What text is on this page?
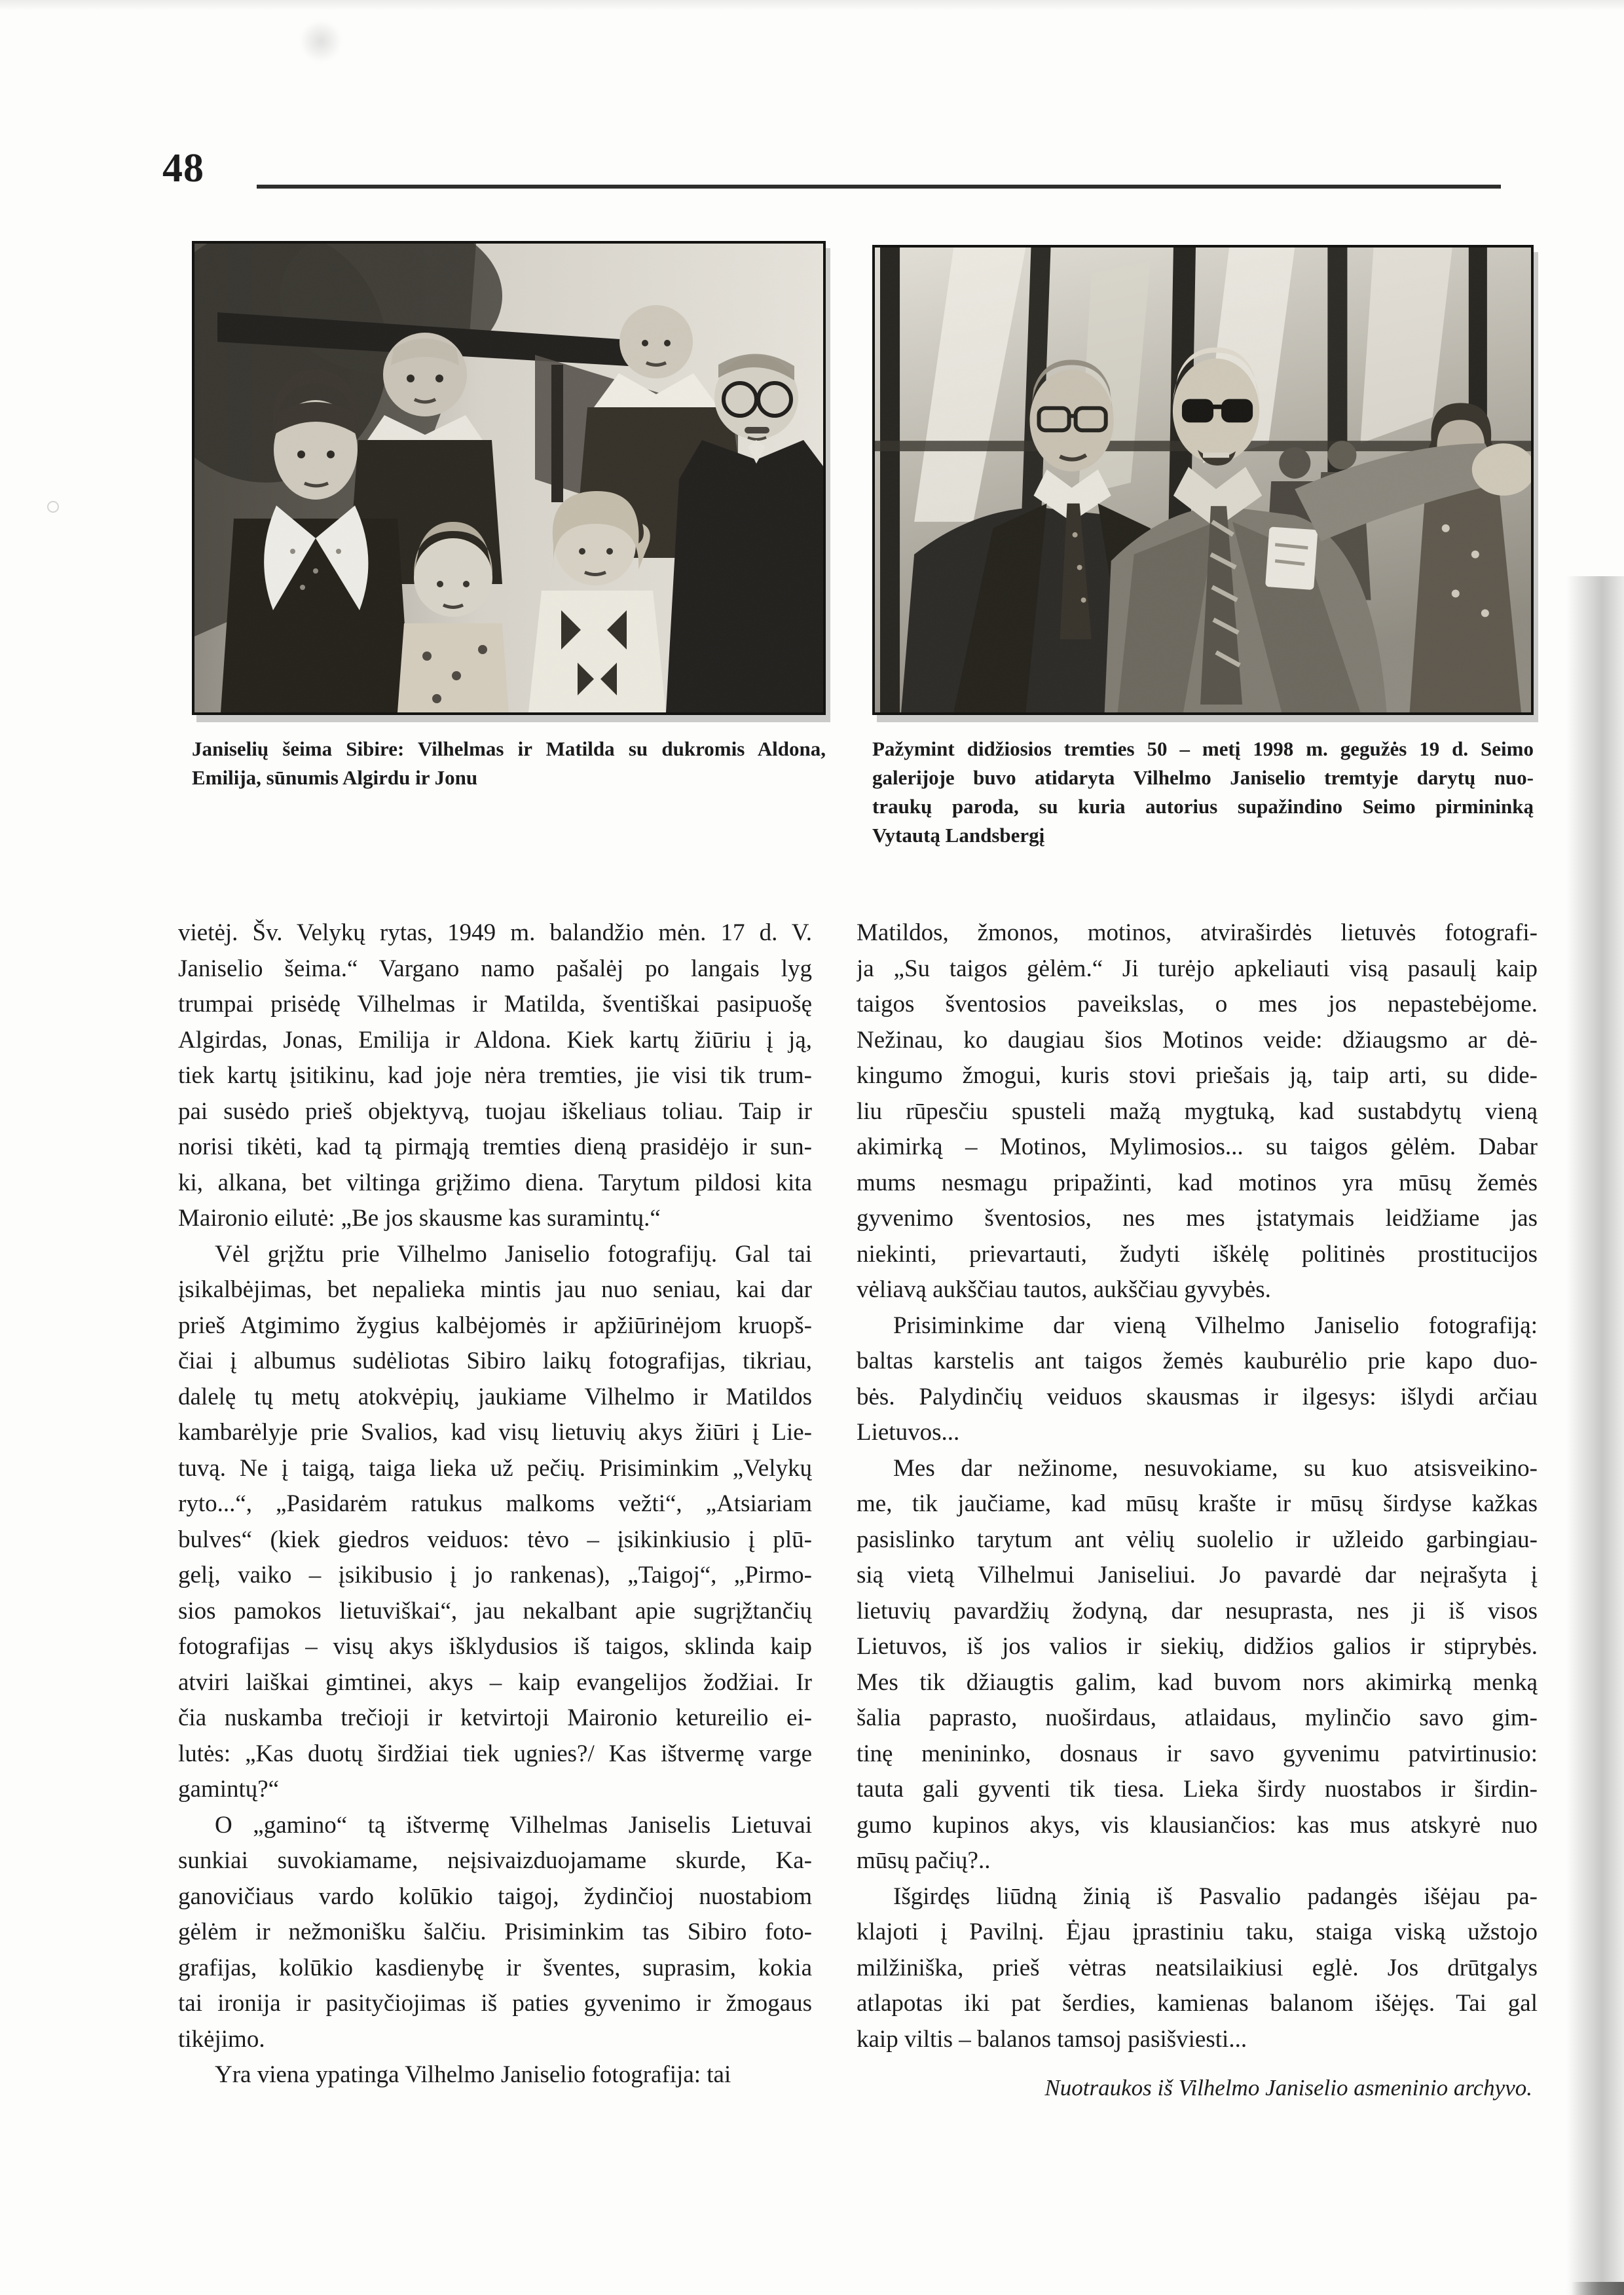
48
Janiselių šeima Sibire: Vilhelmas ir Matilda su dukromis Aldona,
Emilija, sūnumis Algirdu ir Jonu
Pažymint didžiosios tremties 50 – metį 1998 m. gegužės 19 d. Seimo
galerijoje buvo atidaryta Vilhelmo Janiselio tremtyje darytų nuo-
traukų paroda, su kuria autorius supažindino Seimo pirmininką
Vytautą Landsbergį
vietėj. Šv. Velykų rytas, 1949 m. balandžio mėn. 17 d. V.
Janiselio šeima.“ Vargano namo pašalėj po langais lyg
trumpai prisėdę Vilhelmas ir Matilda, šventiškai pasipuošę
Algirdas, Jonas, Emilija ir Aldona. Kiek kartų žiūriu į ją,
tiek kartų įsitikinu, kad joje nėra tremties, jie visi tik trum-
pai susėdo prieš objektyvą, tuojau iškeliaus toliau. Taip ir
norisi tikėti, kad tą pirmąją tremties dieną prasidėjo ir sun-
ki, alkana, bet viltinga grįžimo diena. Tarytum pildosi kita
Maironio eilutė: „Be jos skausme kas suramintų.“
Vėl grįžtu prie Vilhelmo Janiselio fotografijų. Gal tai
įsikalbėjimas, bet nepalieka mintis jau nuo seniau, kai dar
prieš Atgimimo žygius kalbėjomės ir apžiūrinėjom kruopš-
čiai į albumus sudėliotas Sibiro laikų fotografijas, tikriau,
dalelę tų metų atokvėpių, jaukiame Vilhelmo ir Matildos
kambarėlyje prie Svalios, kad visų lietuvių akys žiūri į Lie-
tuvą. Ne į taigą, taiga lieka už pečių. Prisiminkim „Velykų
ryto...“, „Pasidarėm ratukus malkoms vežti“, „Atsiariam
bulves“ (kiek giedros veiduos: tėvo – įsikinkiusio į plū-
gelį, vaiko – įsikibusio į jo rankenas), „Taigoj“, „Pirmo-
sios pamokos lietuviškai“, jau nekalbant apie sugrįžtančių
fotografijas – visų akys išklydusios iš taigos, sklinda kaip
atviri laiškai gimtinei, akys – kaip evangelijos žodžiai. Ir
čia nuskamba trečioji ir ketvirtoji Maironio ketureilio ei-
lutės: „Kas duotų širdžiai tiek ugnies?/ Kas ištvermę varge
gamintų?“
O „gamino“ tą ištvermę Vilhelmas Janiselis Lietuvai
sunkiai suvokiamame, neįsivaizduojamame skurde, Ka-
ganovičiaus vardo kolūkio taigoj, žydinčioj nuostabiom
gėlėm ir nežmonišku šalčiu. Prisiminkim tas Sibiro foto-
grafijas, kolūkio kasdienybę ir šventes, suprasim, kokia
tai ironija ir pasityčiojimas iš paties gyvenimo ir žmogaus
tikėjimo.
Yra viena ypatinga Vilhelmo Janiselio fotografija: tai
Matildos, žmonos, motinos, atviraširdės lietuvės fotografi-
ja „Su taigos gėlėm.“ Ji turėjo apkeliauti visą pasaulį kaip
taigos šventosios paveikslas, o mes jos nepastebėjome.
Nežinau, ko daugiau šios Motinos veide: džiaugsmo ar dė-
kingumo žmogui, kuris stovi priešais ją, taip arti, su dide-
liu rūpesčiu spusteli mažą mygtuką, kad sustabdytų vieną
akimirką – Motinos, Mylimosios... su taigos gėlėm. Dabar
mums nesmagu pripažinti, kad motinos yra mūsų žemės
gyvenimo šventosios, nes mes įstatymais leidžiame jas
niekinti, prievartauti, žudyti iškėlę politinės prostitucijos
vėliavą aukščiau tautos, aukščiau gyvybės.
Prisiminkime dar vieną Vilhelmo Janiselio fotografiją:
baltas karstelis ant taigos žemės kauburėlio prie kapo duo-
bės. Palydinčių veiduos skausmas ir ilgesys: išlydi arčiau
Lietuvos...
Mes dar nežinome, nesuvokiame, su kuo atsisveikino-
me, tik jaučiame, kad mūsų krašte ir mūsų širdyse kažkas
pasislinko tarytum ant vėlių suolelio ir užleido garbingiau-
sią vietą Vilhelmui Janiseliui. Jo pavardė dar neįrašyta į
lietuvių pavardžių žodyną, dar nesuprasta, nes ji iš visos
Lietuvos, iš jos valios ir siekių, didžios galios ir stiprybės.
Mes tik džiaugtis galim, kad buvom nors akimirką menką
šalia paprasto, nuoširdaus, atlaidaus, mylinčio savo gim-
tinę menininko, dosnaus ir savo gyvenimu patvirtinusio:
tauta gali gyventi tik tiesa. Lieka širdy nuostabos ir širdin-
gumo kupinos akys, vis klausiančios: kas mus atskyrė nuo
mūsų pačių?..
Išgirdęs liūdną žinią iš Pasvalio padangės išėjau pa-
klajoti į Pavilnį. Ėjau įprastiniu taku, staiga viską užstojo
milžiniška, prieš vėtras neatsilaikiusi eglė. Jos drūtgalys
atlapotas iki pat šerdies, kamienas balanom išėjęs. Tai gal
kaip viltis – balanos tamsoj pasišviesti...
Nuotraukos iš Vilhelmo Janiselio asmeninio archyvo.
